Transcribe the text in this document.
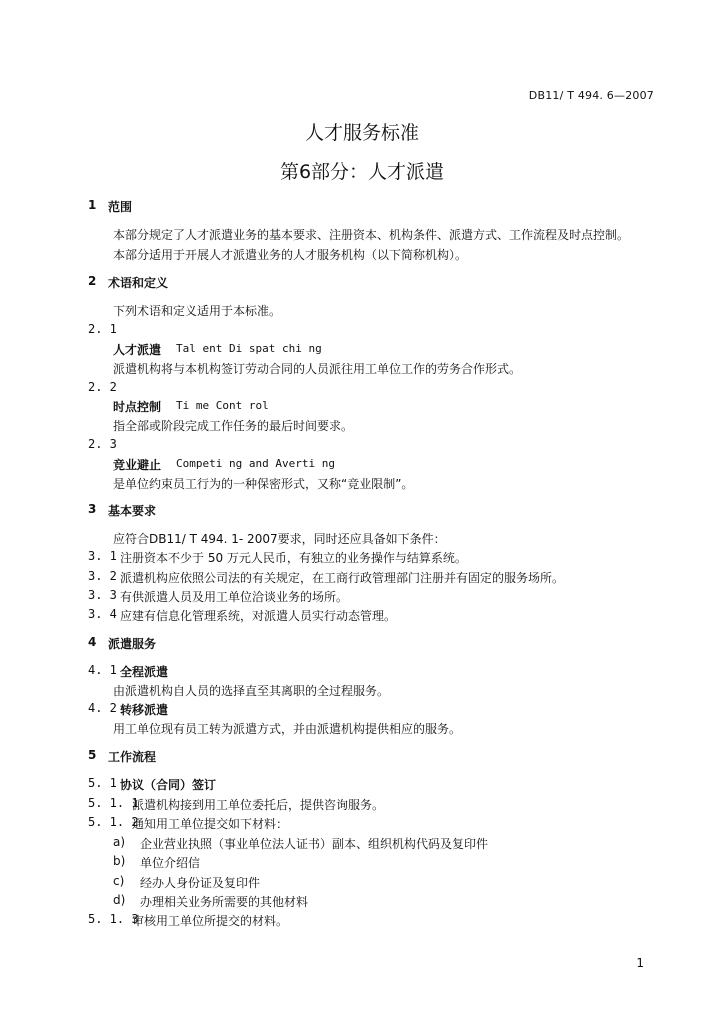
DB11/ T 494. 6—2007
人才服务标准
第6部分：人才派遣
1 范围
本部分规定了人才派遣业务的基本要求、注册资本、机构条件、派遣方式、工作流程及时点控制。
本部分适用于开展人才派遣业务的人才服务机构（以下简称机构）。
2 术语和定义
下列术语和定义适用于本标准。
2. 1
人才派遣 Tal ent Di spat chi ng
派遣机构将与本机构签订劳动合同的人员派往用工单位工作的劳务合作形式。
2. 2
时点控制 Ti me Cont rol
指全部或阶段完成工作任务的最后时间要求。
2. 3
竞业避止 Competi ng and Averti ng
是单位约束员工行为的一种保密形式，又称“竞业限制”。
3 基本要求
应符合DB11/ T 494. 1- 2007要求，同时还应具备如下条件：
3. 1 注册资本不少于 50 万元人民币，有独立的业务操作与结算系统。
3. 2 派遣机构应依照公司法的有关规定，在工商行政管理部门注册并有固定的服务场所。
3. 3 有供派遣人员及用工单位洽谈业务的场所。
3. 4 应建有信息化管理系统，对派遣人员实行动态管理。
4 派遣服务
4. 1 全程派遣
由派遣机构自人员的选择直至其离职的全过程服务。
4. 2 转移派遣
用工单位现有员工转为派遣方式，并由派遣机构提供相应的服务。
5 工作流程
5. 1 协议（合同）签订
5. 1. 1
派遣机构接到用工单位委托后，提供咨询服务。
5. 1. 2
通知用工单位提交如下材料：
a) 企业营业执照（事业单位法人证书）副本、组织机构代码及复印件
b) 单位介绍信
c) 经办人身份证及复印件
d) 办理相关业务所需要的其他材料
5. 1. 3
审核用工单位所提交的材料。
1
